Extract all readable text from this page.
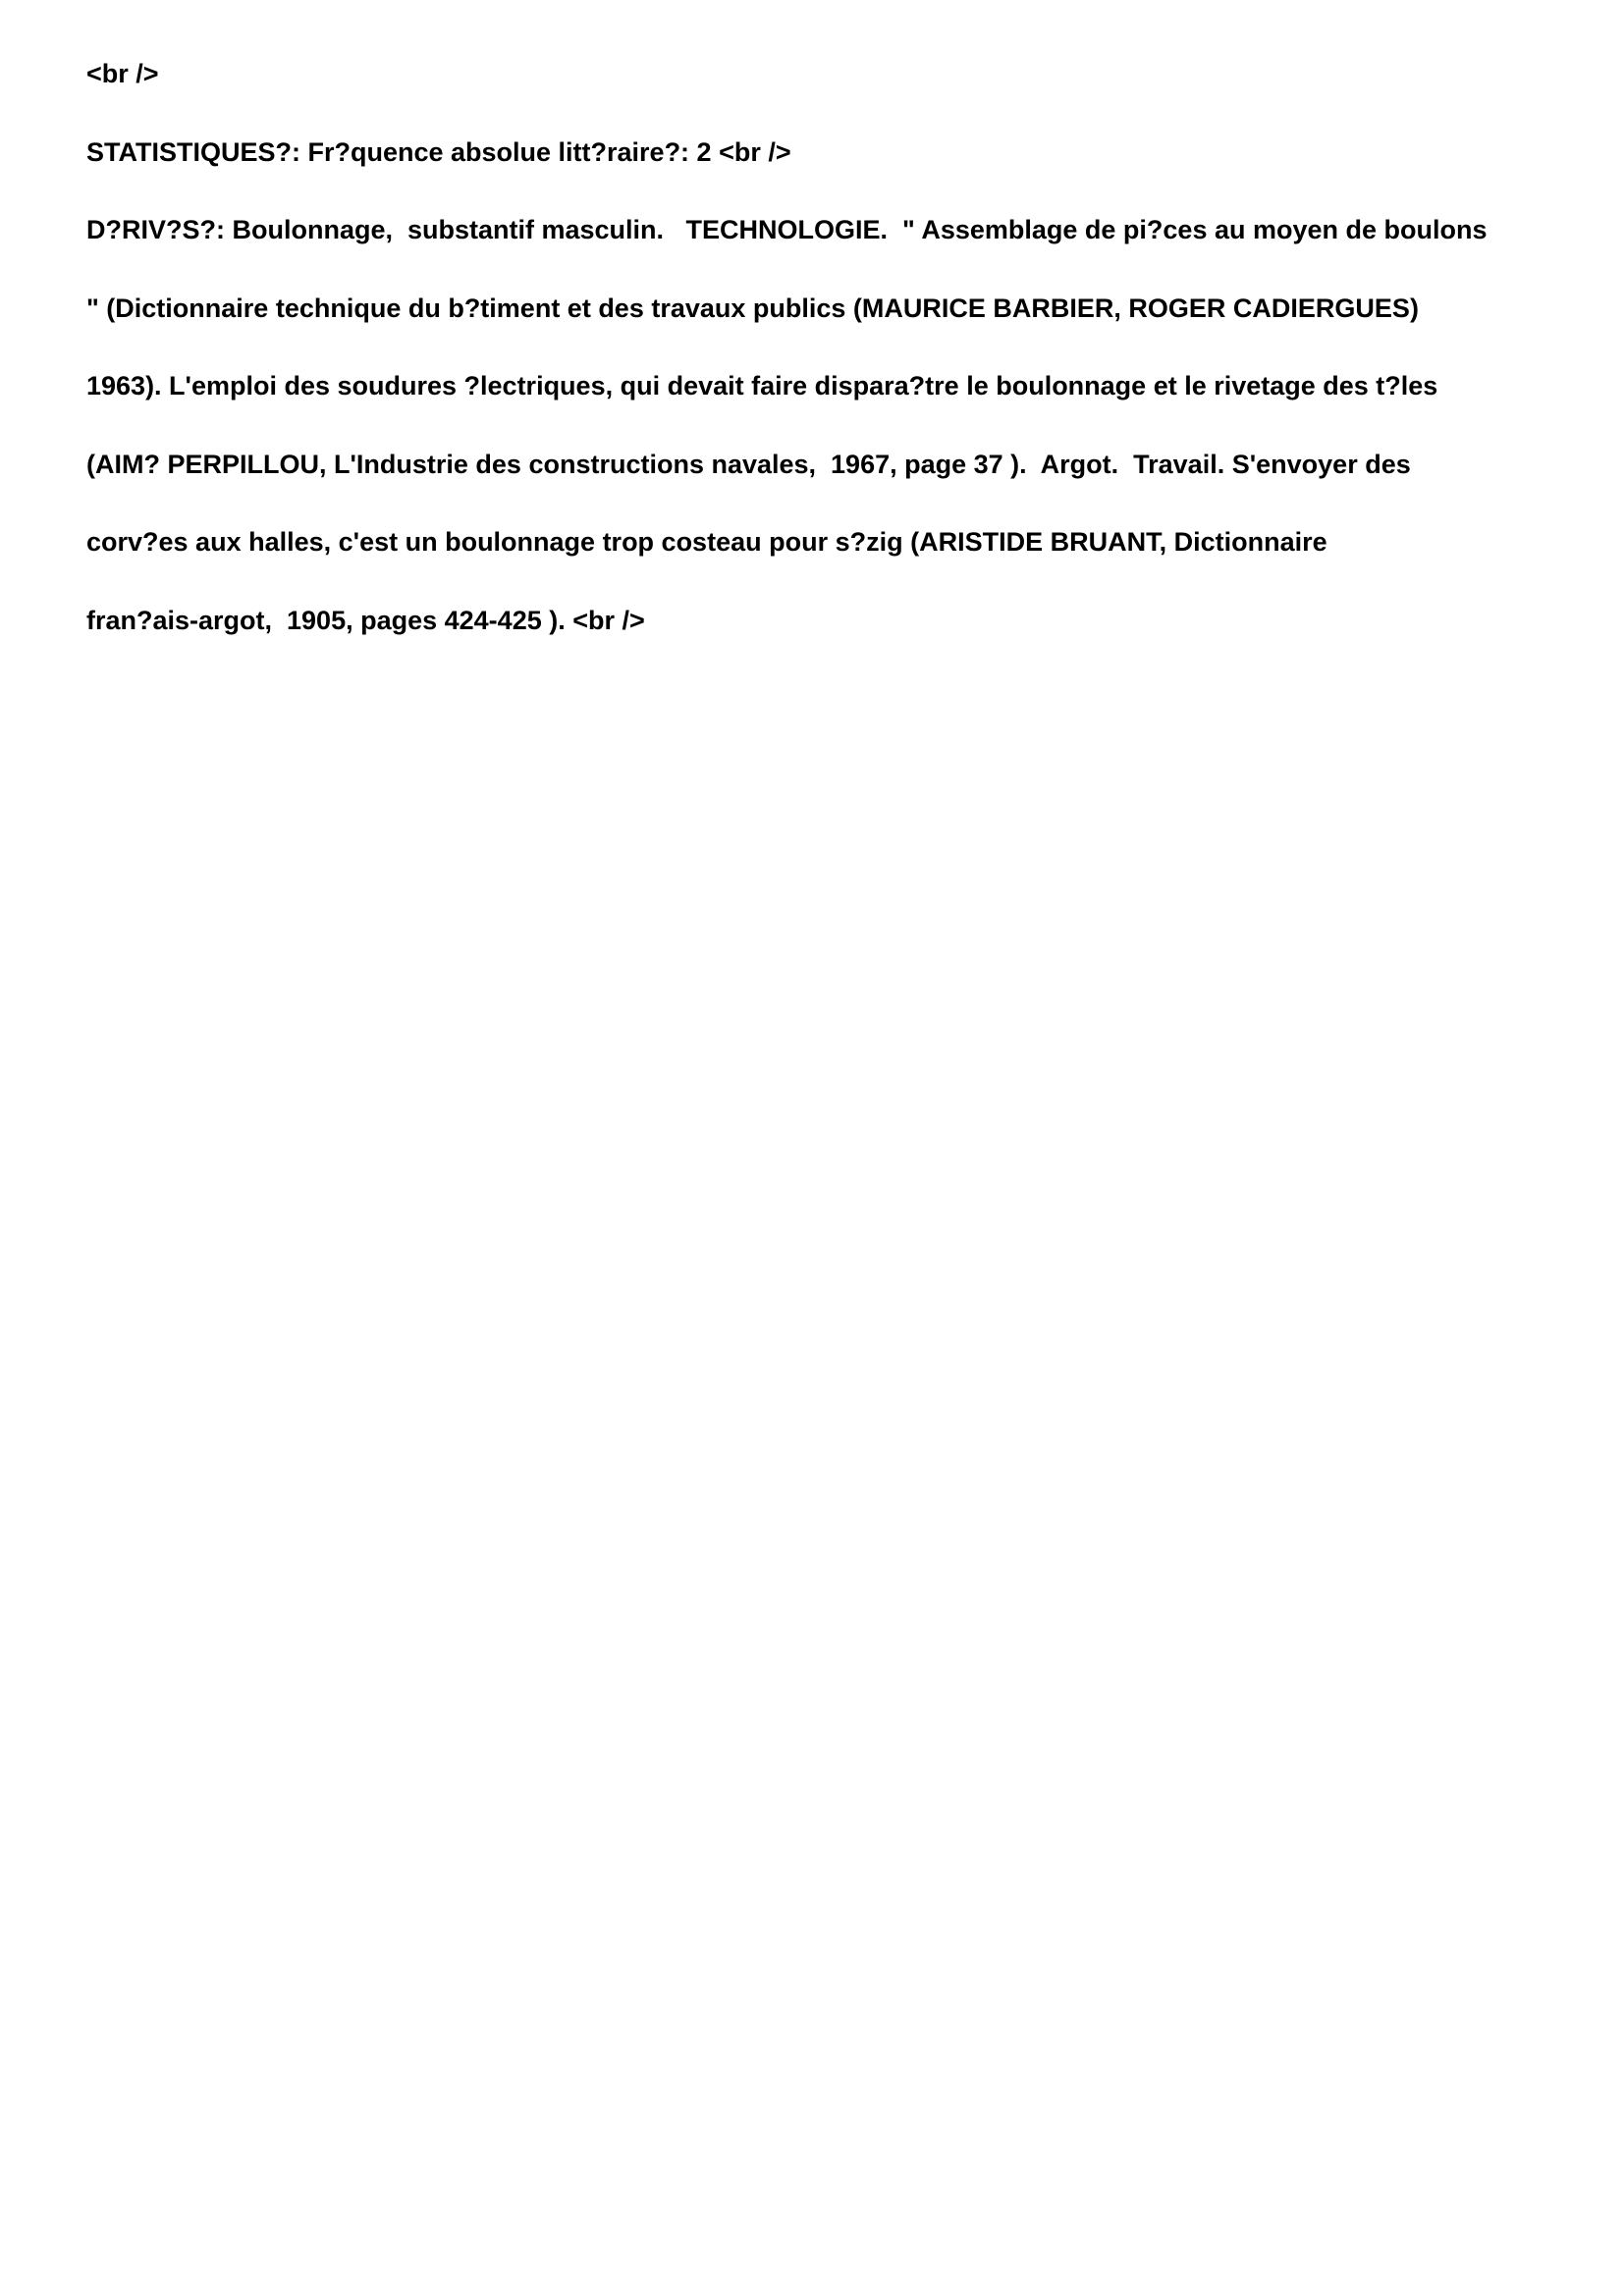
<br />
STATISTIQUES?: Fr?quence absolue litt?raire?: 2 <br />
D?RIV?S?: Boulonnage,  substantif masculin.   TECHNOLOGIE.  " Assemblage de pi?ces au moyen de boulons
" (Dictionnaire technique du b?timent et des travaux publics (MAURICE BARBIER, ROGER CADIERGUES)
1963). L'emploi des soudures ?lectriques, qui devait faire dispara?tre le boulonnage et le rivetage des t?les
(AIM? PERPILLOU, L'Industrie des constructions navales,  1967, page 37 ).  Argot.  Travail. S'envoyer des
corv?es aux halles, c'est un boulonnage trop costeau pour s?zig (ARISTIDE BRUANT, Dictionnaire
fran?ais-argot,  1905, pages 424-425 ). <br />
